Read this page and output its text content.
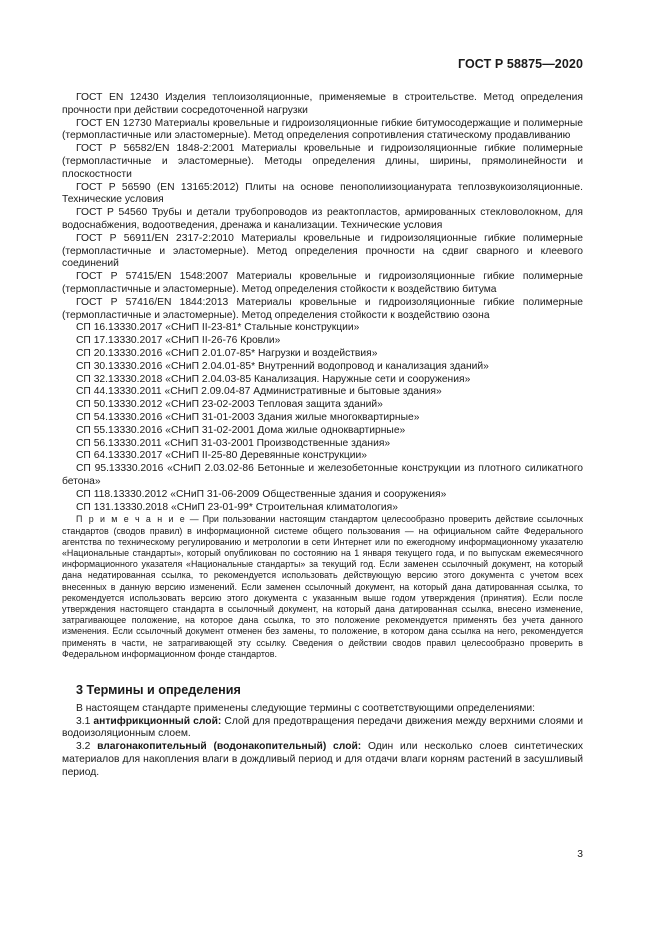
ГОСТ Р 58875—2020

ГОСТ EN 12430 Изделия теплоизоляционные, применяемые в строительстве. Метод определения прочности при действии сосредоточенной нагрузки

ГОСТ EN 12730 Материалы кровельные и гидроизоляционные гибкие битумосодержащие и полимерные (термопластичные или эластомерные). Метод определения сопротивления статическому продавливанию

ГОСТ Р 56582/EN 1848-2:2001 Материалы кровельные и гидроизоляционные гибкие полимерные (термопластичные и эластомерные). Методы определения длины, ширины, прямолинейности и плоскостности

ГОСТ Р 56590 (EN 13165:2012) Плиты на основе пенополиизоцианурата теплозвукоизоляционные. Технические условия

ГОСТ Р 54560 Трубы и детали трубопроводов из реактопластов, армированных стекловолокном, для водоснабжения, водоотведения, дренажа и канализации. Технические условия

ГОСТ Р 56911/EN 2317-2:2010 Материалы кровельные и гидроизоляционные гибкие полимерные (термопластичные и эластомерные). Метод определения прочности на сдвиг сварного и клеевого соединений

ГОСТ Р 57415/EN 1548:2007 Материалы кровельные и гидроизоляционные гибкие полимерные (термопластичные и эластомерные). Метод определения стойкости к воздействию битума

ГОСТ Р 57416/EN 1844:2013 Материалы кровельные и гидроизоляционные гибкие полимерные (термопластичные и эластомерные). Метод определения стойкости к воздействию озона

СП 16.13330.2017 «СНиП II-23-81* Стальные конструкции»

СП 17.13330.2017 «СНиП II-26-76 Кровли»

СП 20.13330.2016 «СНиП 2.01.07-85* Нагрузки и воздействия»

СП 30.13330.2016 «СНиП 2.04.01-85* Внутренний водопровод и канализация зданий»

СП 32.13330.2018 «СНиП 2.04.03-85 Канализация. Наружные сети и сооружения»

СП 44.13330.2011 «СНиП 2.09.04-87 Административные и бытовые здания»

СП 50.13330.2012 «СНиП 23-02-2003 Тепловая защита зданий»

СП 54.13330.2016 «СНиП 31-01-2003 Здания жилые многоквартирные»

СП 55.13330.2016 «СНиП 31-02-2001 Дома жилые одноквартирные»

СП 56.13330.2011 «СНиП 31-03-2001 Производственные здания»

СП 64.13330.2017 «СНиП II-25-80 Деревянные конструкции»

СП 95.13330.2016 «СНиП 2.03.02-86 Бетонные и железобетонные конструкции из плотного силикатного бетона»

СП 118.13330.2012 «СНиП 31-06-2009 Общественные здания и сооружения»

СП 131.13330.2018 «СНиП 23-01-99* Строительная климатология»

П р и м е ч а н и е — При пользовании настоящим стандартом целесообразно проверить действие ссылочных стандартов (сводов правил) в информационной системе общего пользования — на официальном сайте Федерального агентства по техническому регулированию и метрологии в сети Интернет или по ежегодному информационному указателю «Национальные стандарты», который опубликован по состоянию на 1 января текущего года, и по выпускам ежемесячного информационного указателя «Национальные стандарты» за текущий год. Если заменен ссылочный документ, на который дана недатированная ссылка, то рекомендуется использовать действующую версию этого документа с учетом всех внесенных в данную версию изменений. Если заменен ссылочный документ, на который дана датированная ссылка, то рекомендуется использовать версию этого документа с указанным выше годом утверждения (принятия). Если после утверждения настоящего стандарта в ссылочный документ, на который дана датированная ссылка, внесено изменение, затрагивающее положение, на которое дана ссылка, то это положение рекомендуется применять без учета данного изменения. Если ссылочный документ отменен без замены, то положение, в котором дана ссылка на него, рекомендуется применять в части, не затрагивающей эту ссылку. Сведения о действии сводов правил целесообразно проверить в Федеральном информационном фонде стандартов.

3 Термины и определения

В настоящем стандарте применены следующие термины с соответствующими определениями:

3.1 антифрикционный слой: Слой для предотвращения передачи движения между верхними слоями и водоизоляционным слоем.

3.2 влагонакопительный (водонакопительный) слой: Один или несколько слоев синтетических материалов для накопления влаги в дождливый период и для отдачи влаги корням растений в засушливый период.

3
